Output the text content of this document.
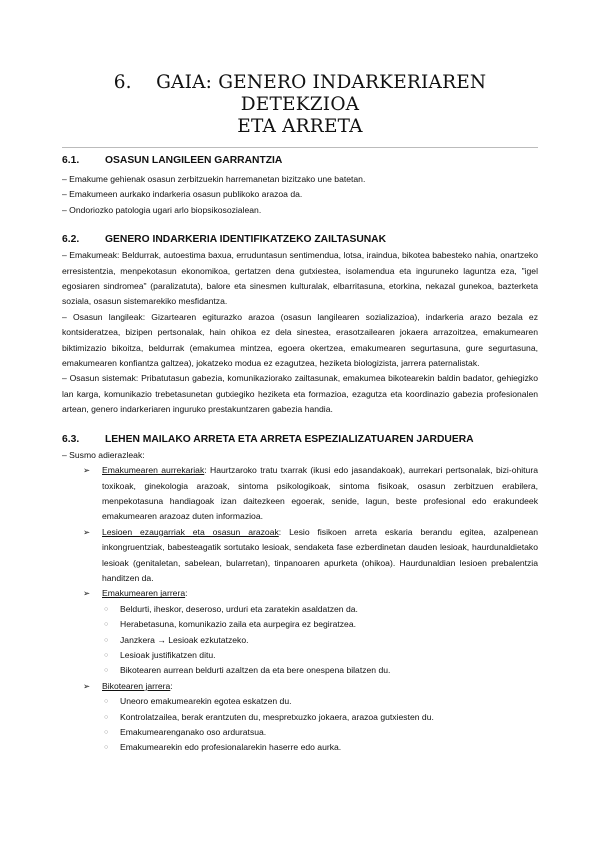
6. GAIA: GENERO INDARKERIAREN DETEKZIOA
ETA ARRETA
6.1.	OSASUN LANGILEEN GARRANTZIA

– Emakume gehienak osasun zerbitzuekin harremanetan bizitzako une batetan.

– Emakumeen aurkako indarkeria osasun publikoko arazoa da.

– Ondoriozko patologia ugari arlo biopsikosozialean.

6.2.	GENERO INDARKERIA IDENTIFIKATZEKO ZAILTASUNAK

– Emakumeak: Beldurrak, autoestima baxua, erruduntasun sentimendua, lotsa, iraindua, bikotea babesteko nahia, onartzeko erresistentzia, menpekotasun ekonomikoa, gertatzen dena gutxiestea, isolamendua eta inguruneko laguntza eza, "igel egosiaren sindromea" (paralizatuta), balore eta sinesmen kulturalak, elbarritasuna, etorkina, nekazal gunekoa, bazterketa soziala, osasun sistemarekiko mesfidantza.

– Osasun langileak: Gizartearen egiturazko arazoa (osasun langilearen sozializazioa), indarkeria arazo bezala ez kontsideratzea, bizipen pertsonalak, hain ohikoa ez dela sinestea, erasotzailearen jokaera arrazoitzea, emakumearen biktimizazio bikoitza, beldurrak (emakumea mintzea, egoera okertzea, emakumearen segurtasuna, gure segurtasuna, emakumearen konfiantza galtzea), jokatzeko modua ez ezagutzea, heziketa biologizista, jarrera paternalistak.

– Osasun sistemak: Pribatutasun gabezia, komunikaziorako zailtasunak, emakumea bikotearekin baldin badator, gehiegizko lan karga, komunikazio trebetasunetan gutxiegiko heziketa eta formazioa, ezagutza eta koordinazio gabezia profesionalen artean, genero indarkeriaren inguruko prestakuntzaren gabezia handia.

6.3.	LEHEN MAILAKO ARRETA ETA ARRETA ESPEZIALIZATUAREN JARDUERA

– Susmo adierazleak:

➢ Emakumearen aurrekariak: Haurtzaroko tratu txarrak (ikusi edo jasandakoak), aurrekari pertsonalak, bizi-ohitura toxikoak, ginekologia arazoak, sintoma psikologikoak, sintoma fisikoak, osasun zerbitzuen erabilera, menpekotasuna handiagoak izan daitezkeen egoerak, senide, lagun, beste profesional edo erakundeek emakumearen arazoaz duten informazioa.
➢ Lesioen ezaugarriak eta osasun arazoak: Lesio fisikoen arreta eskaria berandu egitea, azalpenean inkongruentziak, babesteagatik sortutako lesioak, sendaketa fase ezberdinetan dauden lesioak, haurdunaldietako lesioak (genitaletan, sabelean, bularretan), tinpanoaren apurketa (ohikoa). Haurdunaldian lesioen prebalentzia handitzen da.
➢ Emakumearen jarrera:
○ Beldurti, iheskor, deseroso, urduri eta zaratekin asaldatzen da.
○ Herabetasuna, komunikazio zaila eta aurpegira ez begiratzea.
○ Janzkera → Lesioak ezkutatzeko.
○ Lesioak justifikatzen ditu.
○ Bikotearen aurrean beldurti azaltzen da eta bere onespena bilatzen du.
➢ Bikotearen jarrera:
○ Uneoro emakumearekin egotea eskatzen du.
○ Kontrolatzailea, berak erantzuten du, mespretxuzko jokaera, arazoa gutxiesten du.
○ Emakumearenganako oso arduratsua.
○ Emakumearekin edo profesionalarekin haserre edo aurka.
